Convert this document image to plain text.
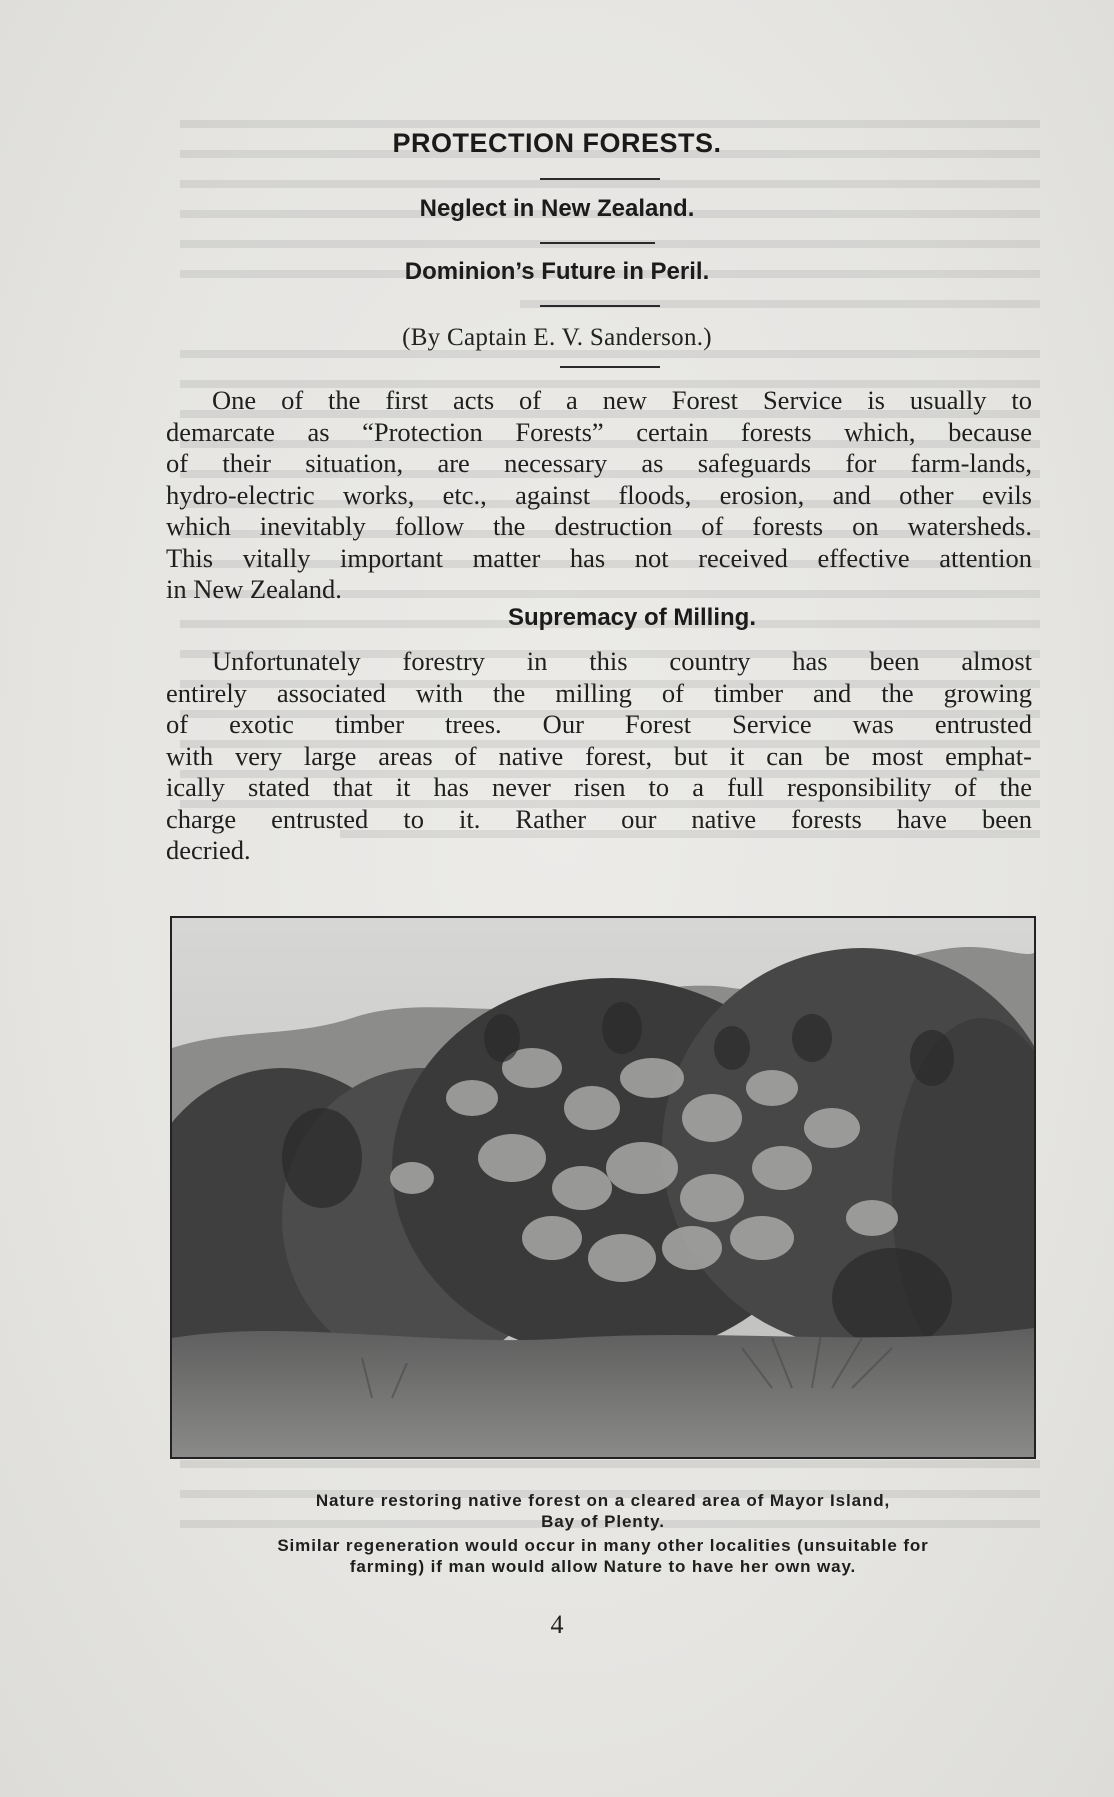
PROTECTION FORESTS.
Neglect in New Zealand.
Dominion’s Future in Peril.
(By Captain E. V. Sanderson.)
One of the first acts of a new Forest Service is usually to
demarcate as “Protection Forests” certain forests which, because
of their situation, are necessary as safeguards for farm-lands,
hydro-electric works, etc., against floods, erosion, and other evils
which inevitably follow the destruction of forests on watersheds.
This vitally important matter has not received effective attention
in New Zealand.
Supremacy of Milling.
Unfortunately forestry in this country has been almost
entirely associated with the milling of timber and the growing
of exotic timber trees. Our Forest Service was entrusted
with very large areas of native forest, but it can be most emphat-
ically stated that it has never risen to a full responsibility of the
charge entrusted to it. Rather our native forests have been
decried.
Nature restoring native forest on a cleared area of Mayor Island,
Bay of Plenty.
Similar regeneration would occur in many other localities (unsuitable for
farming) if man would allow Nature to have her own way.
4
